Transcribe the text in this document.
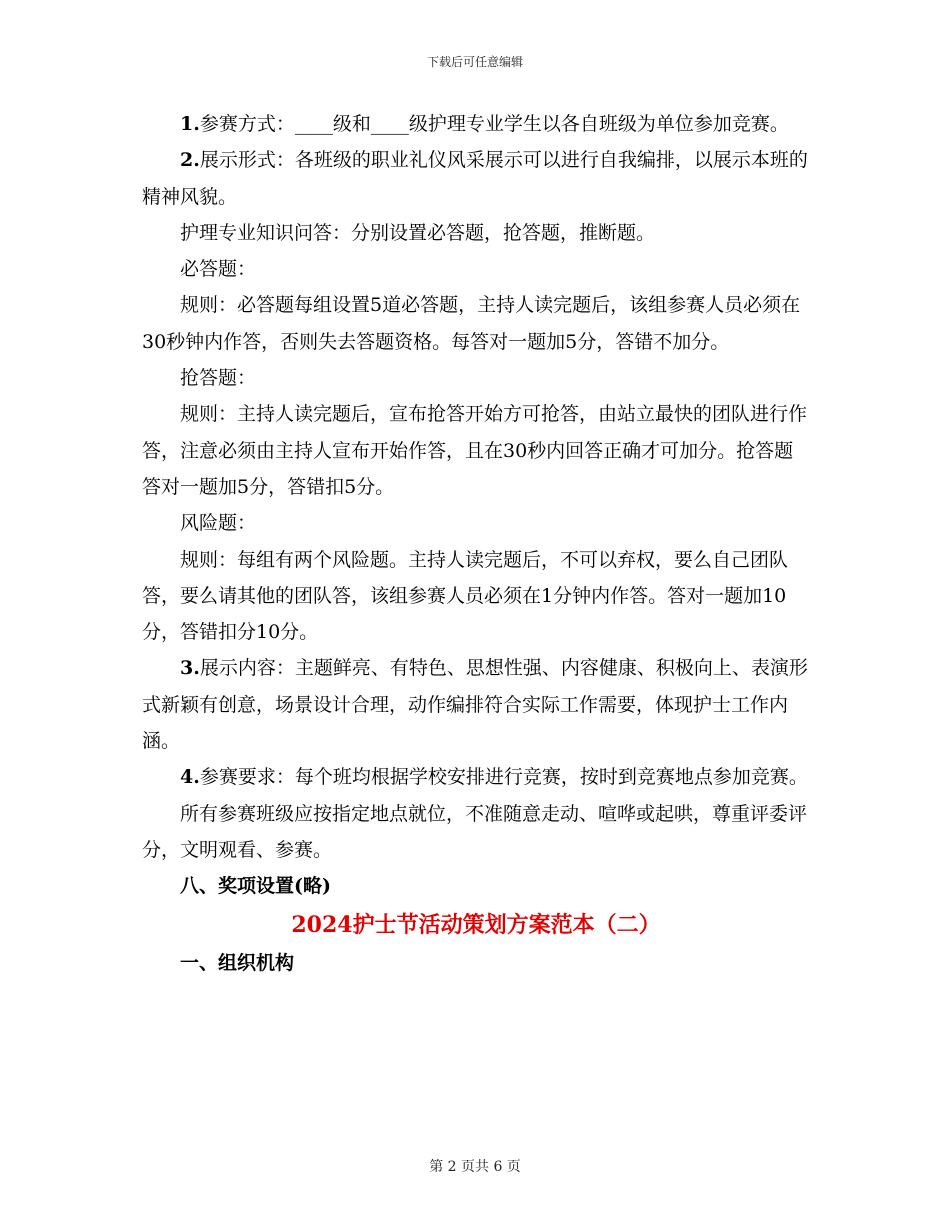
下载后可任意编辑

1.参赛方式：____级和____级护理专业学生以各自班级为单位参加竞赛。

2.展示形式：各班级的职业礼仪风采展示可以进行自我编排，以展示本班的精神风貌。

护理专业知识问答：分别设置必答题，抢答题，推断题。

必答题：

规则：必答题每组设置5道必答题，主持人读完题后，该组参赛人员必须在30秒钟内作答，否则失去答题资格。每答对一题加5分，答错不加分。

抢答题：

规则：主持人读完题后，宣布抢答开始方可抢答，由站立最快的团队进行作答，注意必须由主持人宣布开始作答，且在30秒内回答正确才可加分。抢答题答对一题加5分，答错扣5分。

风险题：

规则：每组有两个风险题。主持人读完题后，不可以弃权，要么自己团队答，要么请其他的团队答，该组参赛人员必须在1分钟内作答。答对一题加10分，答错扣分10分。

3.展示内容：主题鲜亮、有特色、思想性强、内容健康、积极向上、表演形式新颖有创意，场景设计合理，动作编排符合实际工作需要，体现护士工作内涵。

4.参赛要求：每个班均根据学校安排进行竞赛，按时到竞赛地点参加竞赛。

所有参赛班级应按指定地点就位，不准随意走动、喧哗或起哄，尊重评委评分，文明观看、参赛。

八、奖项设置(略)

2024护士节活动策划方案范本（二）

一、组织机构

第 2 页共 6 页
